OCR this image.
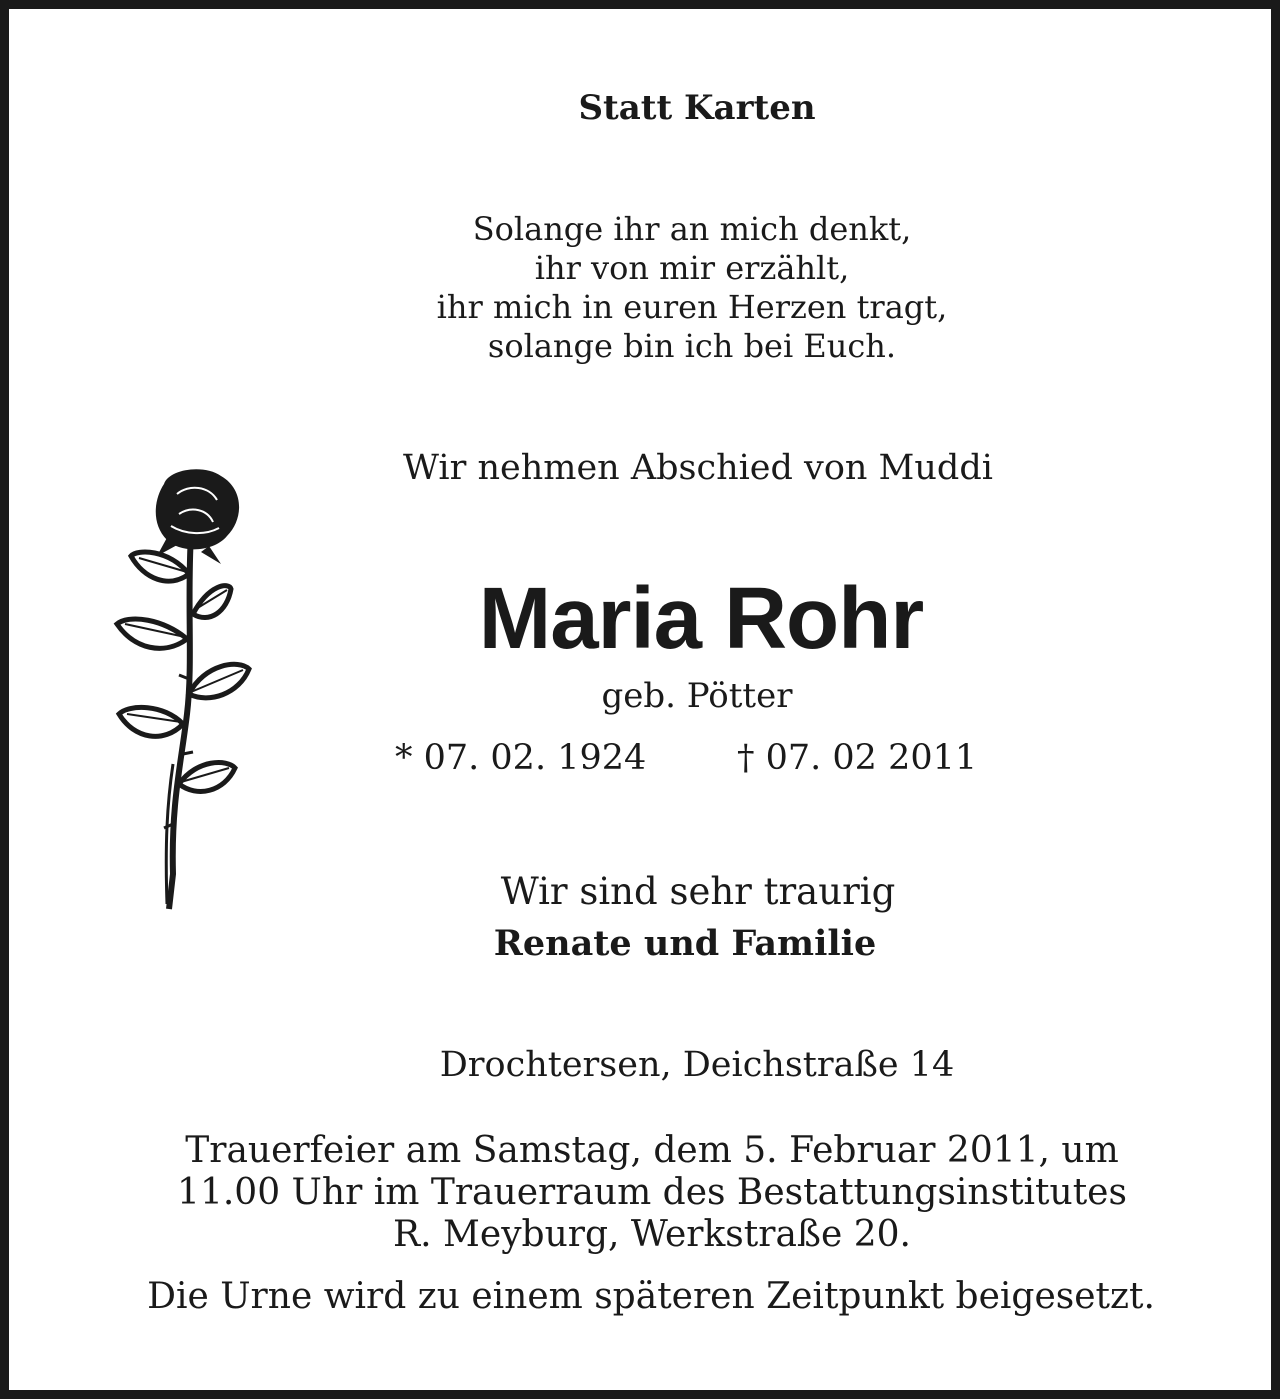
Statt Karten
Solange ihr an mich denkt,
ihr von mir erzählt,
ihr mich in euren Herzen tragt,
solange bin ich bei Euch.
Wir nehmen Abschied von Muddi
Maria Rohr
geb. Pötter
* 07. 02. 1924	† 07. 02 2011
Wir sind sehr traurig
Renate und Familie
Drochtersen, Deichstraße 14
Trauerfeier am Samstag, dem 5. Februar 2011, um
11.00 Uhr im Trauerraum des Bestattungsinstitutes
R. Meyburg, Werkstraße 20.
Die Urne wird zu einem späteren Zeitpunkt beigesetzt.
